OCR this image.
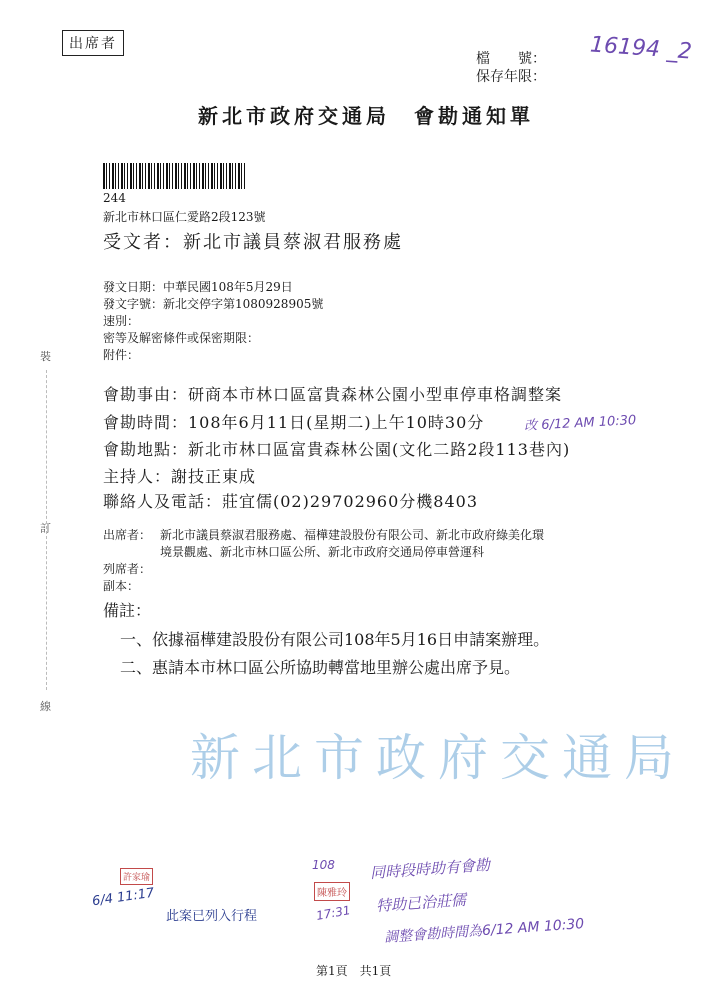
出席者
檔　　號：
保存年限：
16194 _2
新北市政府交通局　會勘通知單
244
新北市林口區仁愛路2段123號
受文者：新北市議員蔡淑君服務處
發文日期：中華民國108年5月29日
發文字號：新北交停字第1080928905號
速別：
密等及解密條件或保密期限：
附件：
會勘事由：研商本市林口區富貴森林公園小型車停車格調整案
會勘時間：108年6月11日(星期二)上午10時30分	改 6/12 AM 10:30
會勘地點：新北市林口區富貴森林公園(文化二路2段113巷內)
主持人：謝技正東成
聯絡人及電話：莊宜儒(02)29702960分機8403
出席者： 新北市議員蔡淑君服務處、福樺建設股份有限公司、新北市政府綠美化環
境景觀處、新北市林口區公所、新北市政府交通局停車營運科
列席者：
副本：
備註：
一、依據福樺建設股份有限公司108年5月16日申請案辦理。
二、惠請本市林口區公所協助轉當地里辦公處出席予見。
新北市政府交通局
裝
訂
線
6/4 11:17
許家瑜
此案已列入行程
108
陳雅玲
17:31
同時段時助有會勘
特助已治莊儒
調整會勘時間為6/12 AM 10:30
第1頁　共1頁
